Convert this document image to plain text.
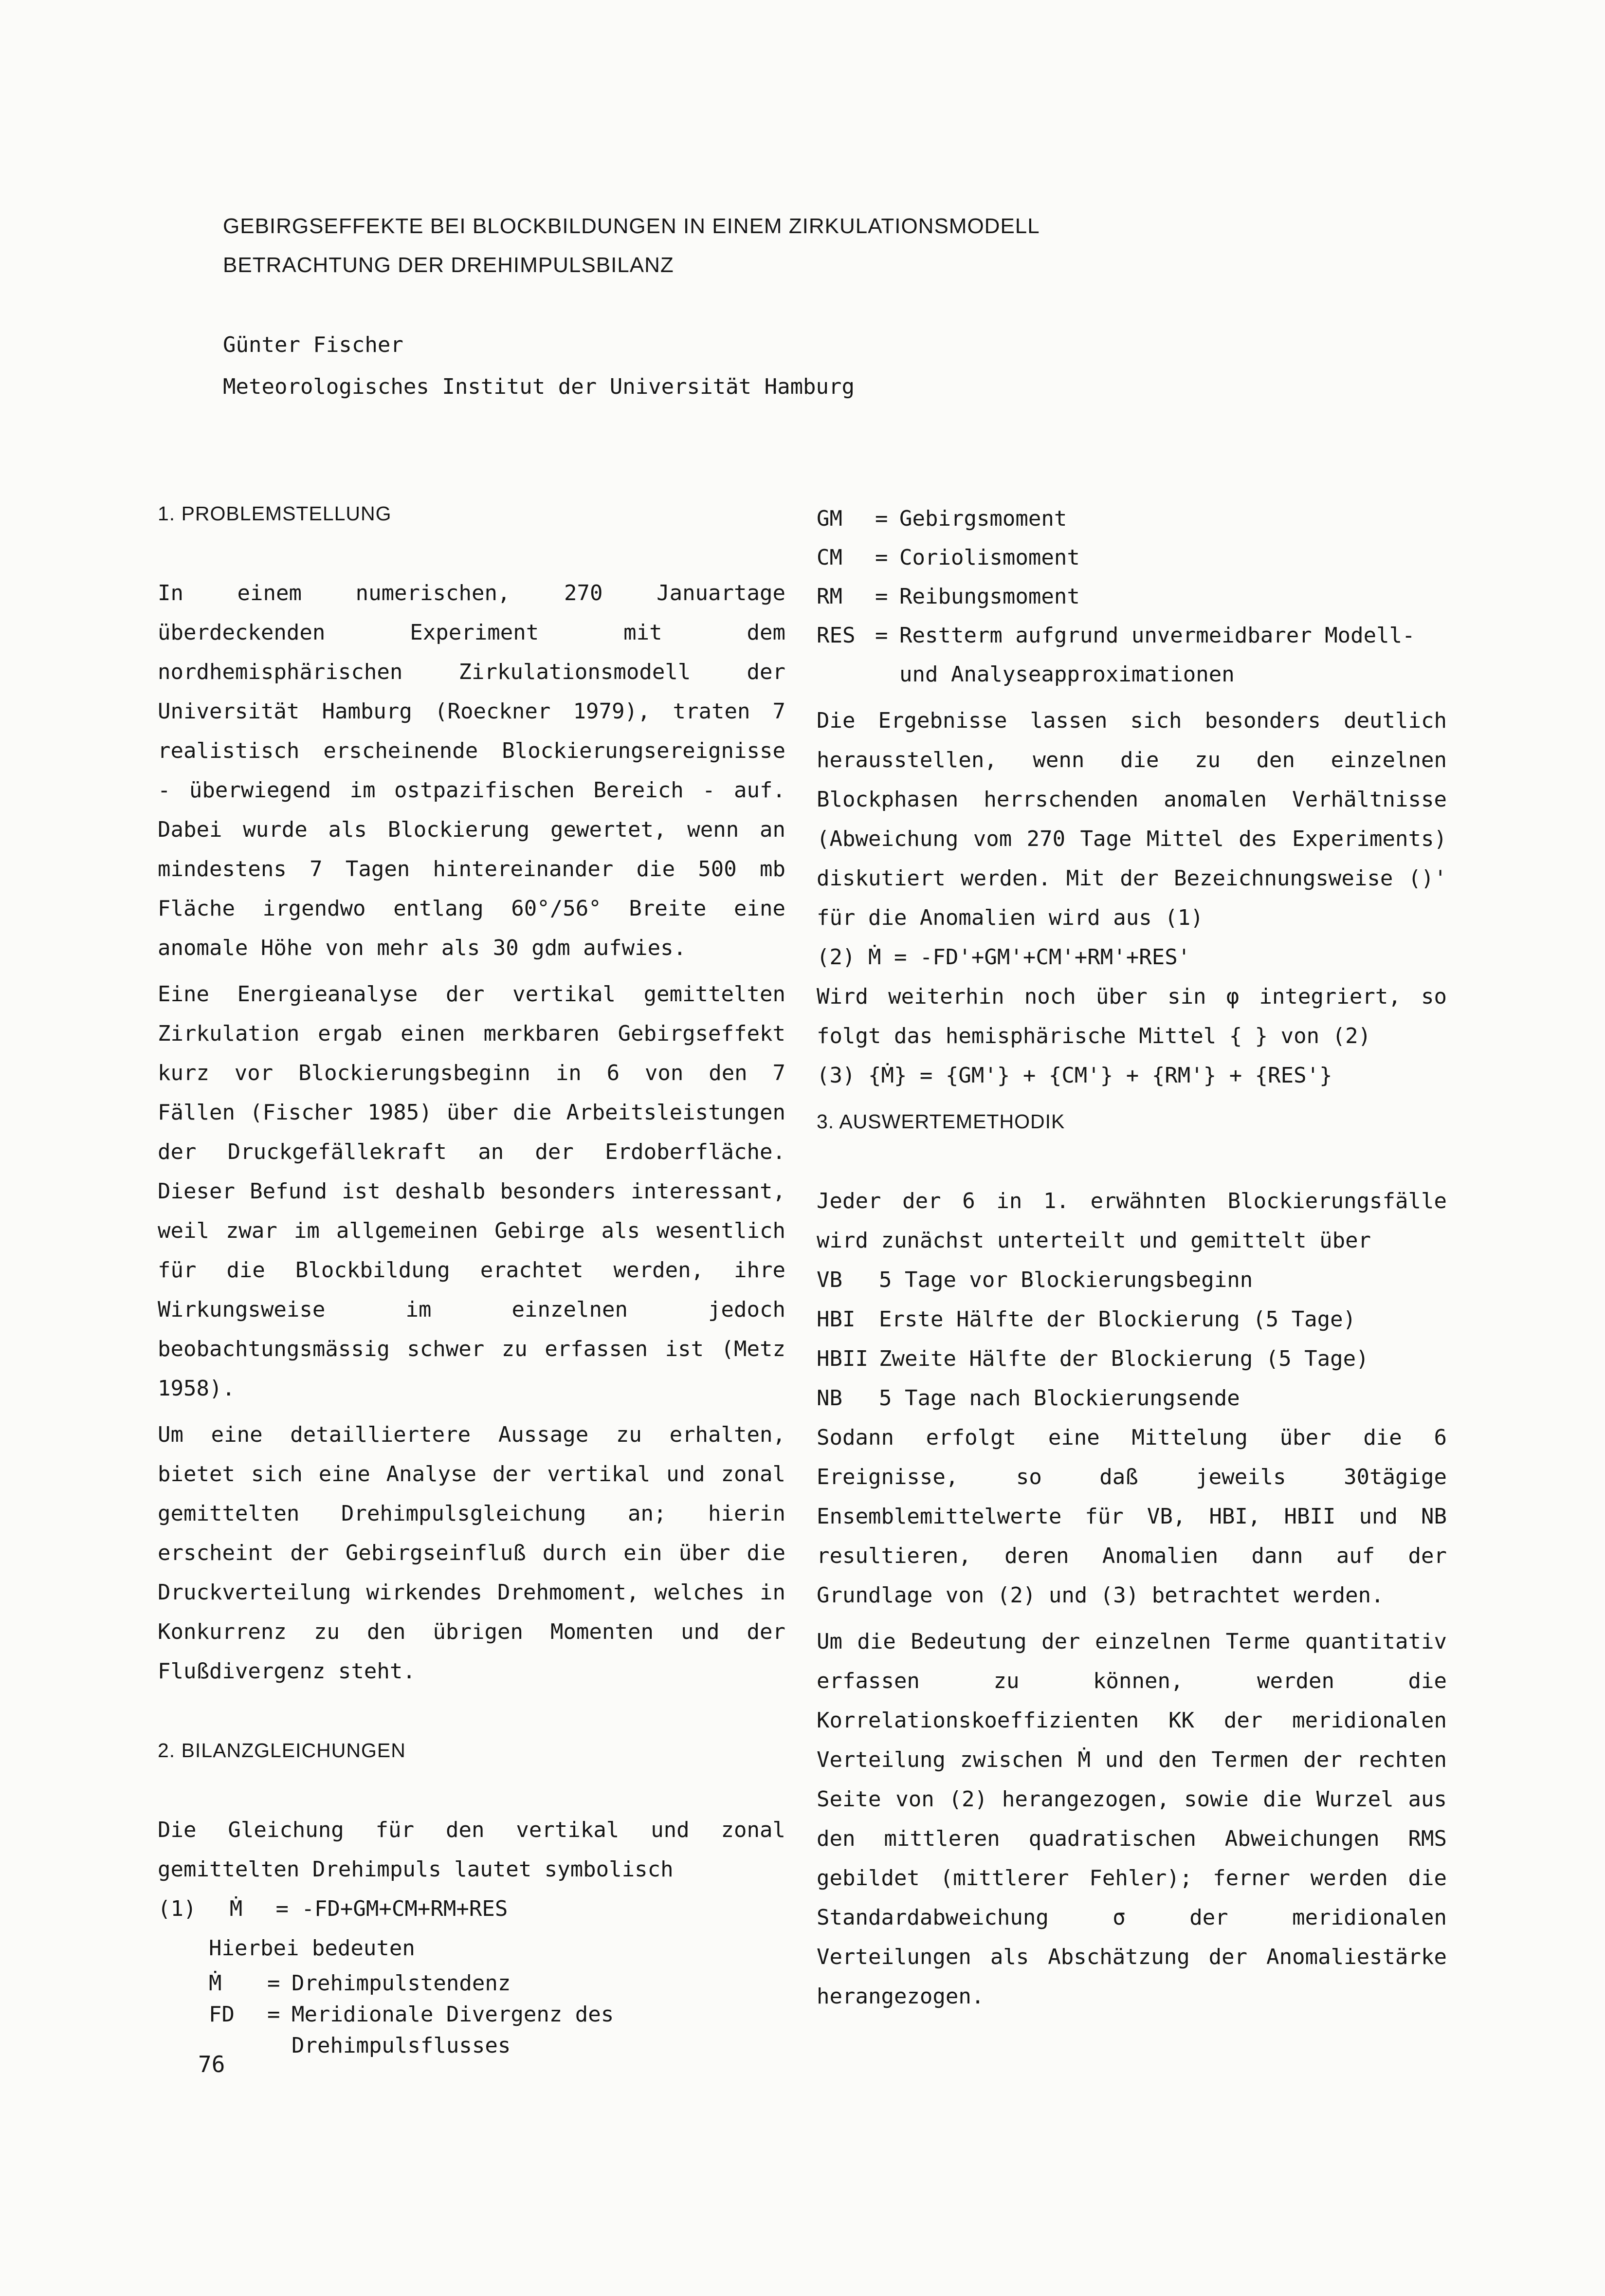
GEBIRGSEFFEKTE BEI BLOCKBILDUNGEN IN EINEM ZIRKULATIONSMODELL
BETRACHTUNG DER DREHIMPULSBILANZ
Günter Fischer
Meteorologisches Institut der Universität Hamburg
1. PROBLEMSTELLUNG

In einem numerischen, 270 Januartage überdeckenden Experiment mit dem nordhemisphärischen Zirkulationsmodell der Universität Hamburg (Roeckner 1979), traten 7 realistisch erscheinende Blockierungsereignisse - überwiegend im ostpazifischen Bereich - auf. Dabei wurde als Blockierung gewertet, wenn an mindestens 7 Tagen hintereinander die 500 mb Fläche irgendwo entlang 60°/56° Breite eine anomale Höhe von mehr als 30 gdm aufwies.

Eine Energieanalyse der vertikal gemittelten Zirkulation ergab einen merkbaren Gebirgseffekt kurz vor Blockierungsbeginn in 6 von den 7 Fällen (Fischer 1985) über die Arbeitsleistungen der Druckgefällekraft an der Erdoberfläche. Dieser Befund ist deshalb besonders interessant, weil zwar im allgemeinen Gebirge als wesentlich für die Blockbildung erachtet werden, ihre Wirkungsweise im einzelnen jedoch beobachtungsmässig schwer zu erfassen ist (Metz 1958).

Um eine detailliertere Aussage zu erhalten, bietet sich eine Analyse der vertikal und zonal gemittelten Drehimpulsgleichung an; hierin erscheint der Gebirgseinfluß durch ein über die Druckverteilung wirkendes Drehmoment, welches in Konkurrenz zu den übrigen Momenten und der Flußdivergenz steht.

2. BILANZGLEICHUNGEN

Die Gleichung für den vertikal und zonal gemittelten Drehimpuls lautet symbolisch

(1) Ṁ = -FD+GM+CM+RM+RES
Hierbei bedeuten
Ṁ	= Drehimpulstendenz
FD	= Meridionale Divergenz des Drehimpulsflusses
GM	= Gebirgsmoment
CM	= Coriolismoment
RM	= Reibungsmoment
RES = Restterm aufgrund unvermeidbarer Modell- und Analyseapproximationen

Die Ergebnisse lassen sich besonders deutlich herausstellen, wenn die zu den einzelnen Blockphasen herrschenden anomalen Verhältnisse (Abweichung vom 270 Tage Mittel des Experiments) diskutiert werden. Mit der Bezeichnungsweise ()' für die Anomalien wird aus (1)

(2) Ṁ = -FD'+GM'+CM'+RM'+RES'

Wird weiterhin noch über sin φ integriert, so folgt das hemisphärische Mittel { } von (2)

(3) {Ṁ} = {GM'} + {CM'} + {RM'} + {RES'}
3. AUSWERTEMETHODIK

Jeder der 6 in 1. erwähnten Blockierungsfälle wird zunächst unterteilt und gemittelt über

VB	5 Tage vor Blockierungsbeginn
HBI	Erste Hälfte der Blockierung (5 Tage)
HBII Zweite Hälfte der Blockierung (5 Tage)
NB	5 Tage nach Blockierungsende

Sodann erfolgt eine Mittelung über die 6 Ereignisse, so daß jeweils 30tägige Ensemblemittelwerte für VB, HBI, HBII und NB resultieren, deren Anomalien dann auf der Grundlage von (2) und (3) betrachtet werden.

Um die Bedeutung der einzelnen Terme quantitativ erfassen zu können, werden die Korrelationskoeffizienten KK der meridionalen Verteilung zwischen Ṁ und den Termen der rechten Seite von (2) herangezogen, sowie die Wurzel aus den mittleren quadratischen Abweichungen RMS gebildet (mittlerer Fehler); ferner werden die Standardabweichung σ der meridionalen Verteilungen als Abschätzung der Anomaliestärke herangezogen.

76
